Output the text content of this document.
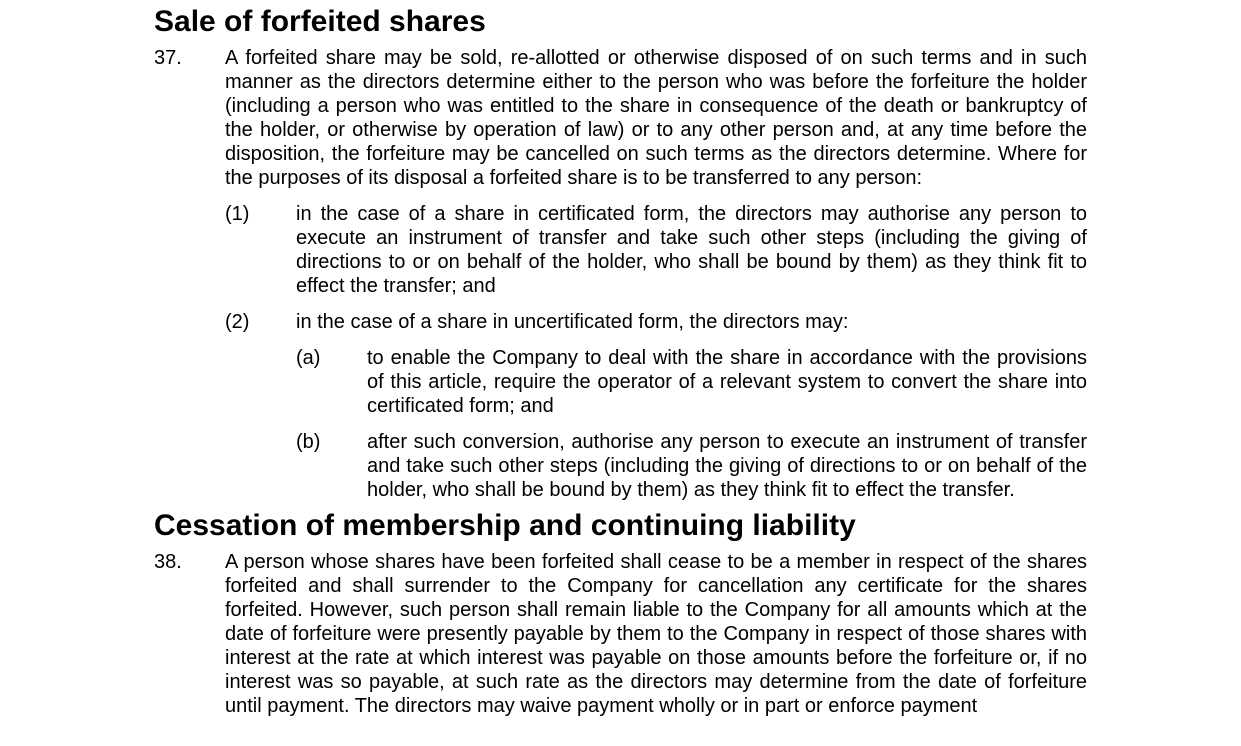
Sale of forfeited shares
37.	A forfeited share may be sold, re-allotted or otherwise disposed of on such terms and in such manner as the directors determine either to the person who was before the forfeiture the holder (including a person who was entitled to the share in consequence of the death or bankruptcy of the holder, or otherwise by operation of law) or to any other person and, at any time before the disposition, the forfeiture may be cancelled on such terms as the directors determine. Where for the purposes of its disposal a forfeited share is to be transferred to any person:

(1)	in the case of a share in certificated form, the directors may authorise any person to execute an instrument of transfer and take such other steps (including the giving of directions to or on behalf of the holder, who shall be bound by them) as they think fit to effect the transfer; and

(2)	in the case of a share in uncertificated form, the directors may:

(a)	to enable the Company to deal with the share in accordance with the provisions of this article, require the operator of a relevant system to convert the share into certificated form; and

(b)	after such conversion, authorise any person to execute an instrument of transfer and take such other steps (including the giving of directions to or on behalf of the holder, who shall be bound by them) as they think fit to effect the transfer.

Cessation of membership and continuing liability
38.	A person whose shares have been forfeited shall cease to be a member in respect of the shares forfeited and shall surrender to the Company for cancellation any certificate for the shares forfeited. However, such person shall remain liable to the Company for all amounts which at the date of forfeiture were presently payable by them to the Company in respect of those shares with interest at the rate at which interest was payable on those amounts before the forfeiture or, if no interest was so payable, at such rate as the directors may determine from the date of forfeiture until payment. The directors may waive payment wholly or in part or enforce payment
